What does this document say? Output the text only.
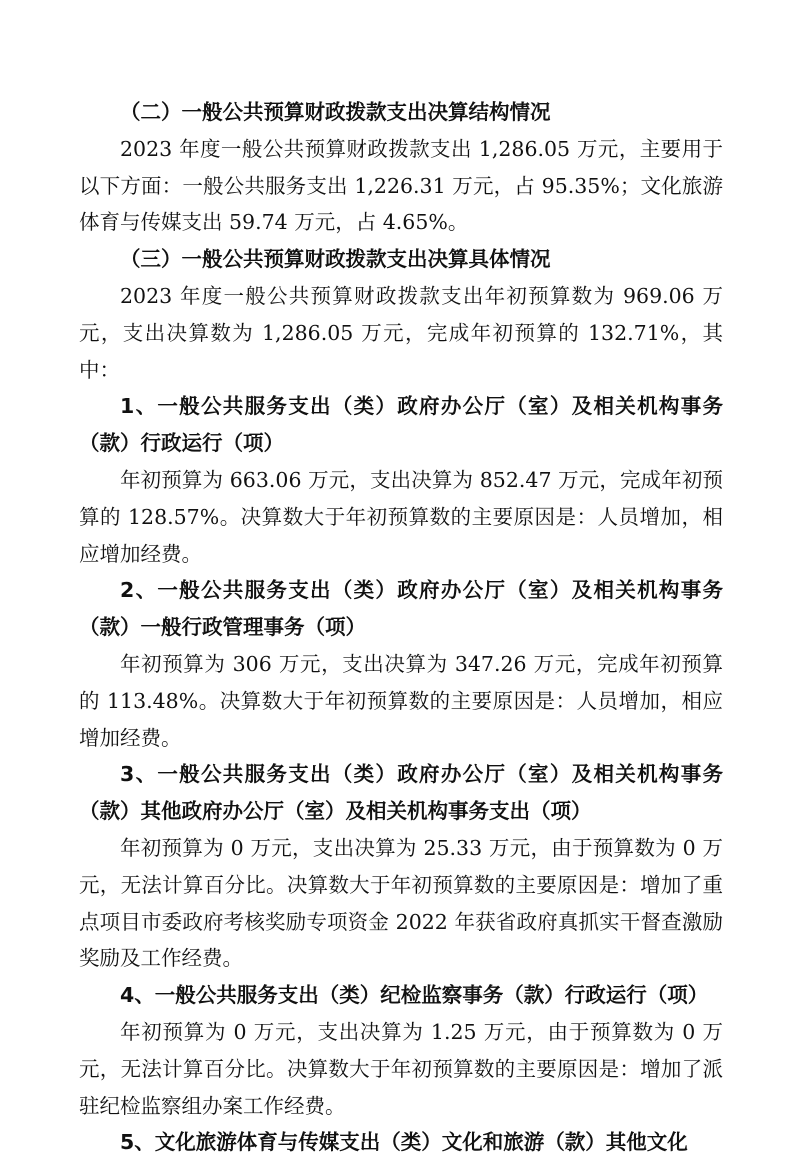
（二）一般公共预算财政拨款支出决算结构情况

2023 年度一般公共预算财政拨款支出 1,286.05 万元，主要用于以下方面：一般公共服务支出 1,226.31 万元，占 95.35%；文化旅游体育与传媒支出 59.74 万元，占 4.65%。

（三）一般公共预算财政拨款支出决算具体情况

2023 年度一般公共预算财政拨款支出年初预算数为 969.06 万元，支出决算数为 1,286.05 万元，完成年初预算的 132.71%，其中：

1、一般公共服务支出（类）政府办公厅（室）及相关机构事务（款）行政运行（项）

年初预算为 663.06 万元，支出决算为 852.47 万元，完成年初预算的 128.57%。决算数大于年初预算数的主要原因是：人员增加，相应增加经费。

2、一般公共服务支出（类）政府办公厅（室）及相关机构事务（款）一般行政管理事务（项）

年初预算为 306 万元，支出决算为 347.26 万元，完成年初预算的 113.48%。决算数大于年初预算数的主要原因是：人员增加，相应增加经费。

3、一般公共服务支出（类）政府办公厅（室）及相关机构事务（款）其他政府办公厅（室）及相关机构事务支出（项）

年初预算为 0 万元，支出决算为 25.33 万元，由于预算数为 0 万元，无法计算百分比。决算数大于年初预算数的主要原因是：增加了重点项目市委政府考核奖励专项资金 2022 年获省政府真抓实干督查激励奖励及工作经费。

4、一般公共服务支出（类）纪检监察事务（款）行政运行（项）

年初预算为 0 万元，支出决算为 1.25 万元，由于预算数为 0 万元，无法计算百分比。决算数大于年初预算数的主要原因是：增加了派驻纪检监察组办案工作经费。

5、文化旅游体育与传媒支出（类）文化和旅游（款）其他文化
